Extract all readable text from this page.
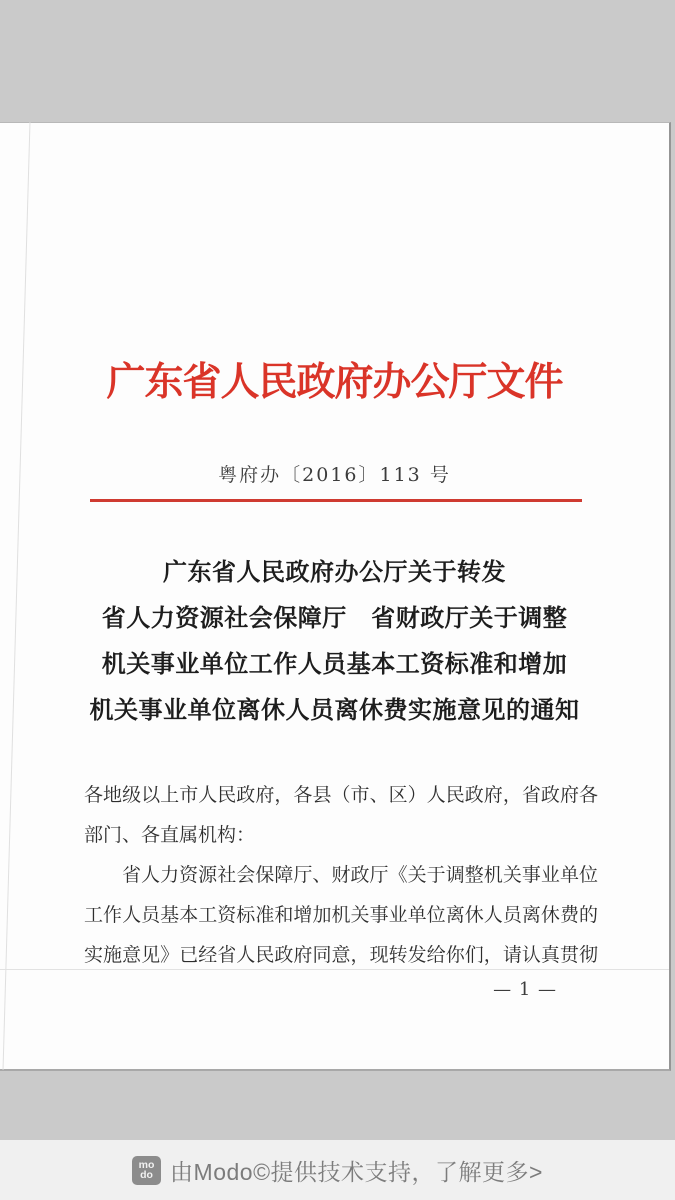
广东省人民政府办公厅文件
粤府办〔2016〕113 号
广东省人民政府办公厅关于转发
省人力资源社会保障厅　省财政厅关于调整
机关事业单位工作人员基本工资标准和增加
机关事业单位离休人员离休费实施意见的通知
各地级以上市人民政府，各县（市、区）人民政府，省政府各
部门、各直属机构：
省人力资源社会保障厅、财政厅《关于调整机关事业单位
工作人员基本工资标准和增加机关事业单位离休人员离休费的
实施意见》已经省人民政府同意，现转发给你们，请认真贯彻
— 1 —
mo
do 由Modo©提供技术支持，了解更多>
